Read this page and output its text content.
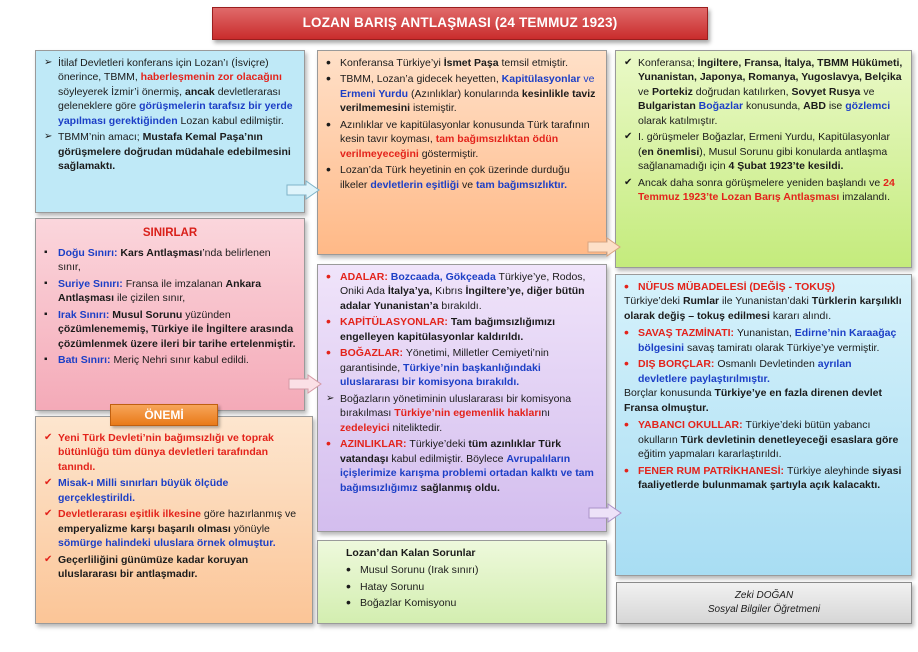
LOZAN BARIŞ ANTLAŞMASI (24 TEMMUZ 1923)
➢ İtilaf Devletleri konferans için Lozan’ı (İsviçre) önerince, TBMM, haberleşmenin zor olacağını söyleyerek İzmir’i önermiş, ancak devletlerarası geleneklere göre görüşmelerin tarafsız bir yerde yapılması gerektiğinden Lozan kabul edilmiştir.
➢ TBMM’nin amacı; Mustafa Kemal Paşa’nın görüşmelere doğrudan müdahale edebilmesini sağlamaktı.
• Konferansa Türkiye’yi İsmet Paşa temsil etmiştir.
• TBMM, Lozan’a gidecek heyetten, Kapitülasyonlar ve Ermeni Yurdu (Azınlıklar) konularında kesinlikle taviz verilmemesini istemiştir.
• Azınlıklar ve kapitülasyonlar konusunda Türk tarafının kesin tavır koyması, tam bağımsızlıktan ödün verilmeyeceğini göstermiştir.
• Lozan’da Türk heyetinin en çok üzerinde durduğu ilkeler devletlerin eşitliği ve tam bağımsızlıktır.
✔ Konferansa; İngiltere, Fransa, İtalya, TBMM Hükümeti, Yunanistan, Japonya, Romanya, Yugoslavya, Belçika ve Portekiz doğrudan katılırken, Sovyet Rusya ve Bulgaristan Boğazlar konusunda, ABD ise gözlemci olarak katılmıştır.
✔ I. görüşmeler Boğazlar, Ermeni Yurdu, Kapitülasyonlar (en önemlisi), Musul Sorunu gibi konularda antlaşma sağlanamadığı için 4 Şubat 1923’te kesildi.
✔ Ancak daha sonra görüşmelere yeniden başlandı ve 24 Temmuz 1923’te Lozan Barış Antlaşması imzalandı.
SINIRLAR
▪ Doğu Sınırı: Kars Antlaşması’nda belirlenen sınır,
▪ Suriye Sınırı: Fransa ile imzalanan Ankara Antlaşması ile çizilen sınır,
▪ Irak Sınırı: Musul Sorunu yüzünden çözümlenememiş, Türkiye ile İngiltere arasında çözümlenmek üzere ileri bir tarihe ertelenmiştir.
▪ Batı Sınırı: Meriç Nehri sınır kabul edildi.
ÖNEMİ
✔ Yeni Türk Devleti’nin bağımsızlığı ve toprak bütünlüğü tüm dünya devletleri tarafından tanındı.
✔ Misak-ı Milli sınırları büyük ölçüde gerçekleştirildi.
✔ Devletlerarası eşitlik ilkesine göre hazırlanmış ve emperyalizme karşı başarılı olması yönüyle sömürge halindeki uluslara örnek olmuştur.
✔ Geçerliliğini günümüze kadar koruyan uluslararası bir antlaşmadır.
• ADALAR: Bozcaada, Gökçeada Türkiye’ye, Rodos, Oniki Ada İtalya’ya, Kıbrıs İngiltere’ye, diğer bütün adalar Yunanistan’a bırakıldı.
• KAPİTÜLASYONLAR: Tam bağımsızlığımızı engelleyen kapitülasyonlar kaldırıldı.
• BOĞAZLAR: Yönetimi, Milletler Cemiyeti’nin garantisinde, Türkiye’nin başkanlığındaki uluslararası bir komisyona bırakıldı.
➢ Boğazların yönetiminin uluslararası bir komisyona bırakılması Türkiye’nin egemenlik haklarını zedeleyici niteliktedir.
• AZINLIKLAR: Türkiye’deki tüm azınlıklar Türk vatandaşı kabul edilmiştir. Böylece Avrupalıların içişlerimize karışma problemi ortadan kalktı ve tam bağımsızlığımız sağlanmış oldu.
Lozan’dan Kalan Sorunlar
• Musul Sorunu (Irak sınırı)
• Hatay Sorunu
• Boğazlar Komisyonu
• NÜFUS MÜBADELESİ (DEĞİŞ - TOKUŞ)
Türkiye’deki Rumlar ile Yunanistan’daki Türklerin karşılıklı olarak değiş – tokuş edilmesi kararı alındı.
• SAVAŞ TAZMİNATI: Yunanistan, Edirne’nin Karaağaç bölgesini savaş tamiratı olarak Türkiye’ye vermiştir.
• DIŞ BORÇLAR: Osmanlı Devletinden ayrılan devletlere paylaştırılmıştır.
Borçlar konusunda Türkiye’ye en fazla direnen devlet Fransa olmuştur.
• YABANCI OKULLAR: Türkiye’deki bütün yabancı okulların Türk devletinin denetleyeceği esaslara göre eğitim yapmaları kararlaştırıldı.
• FENER RUM PATRİKHANESİ: Türkiye aleyhinde siyasi faaliyetlerde bulunmamak şartıyla açık kalacaktı.
Zeki DOĞAN
Sosyal Bilgiler Öğretmeni
